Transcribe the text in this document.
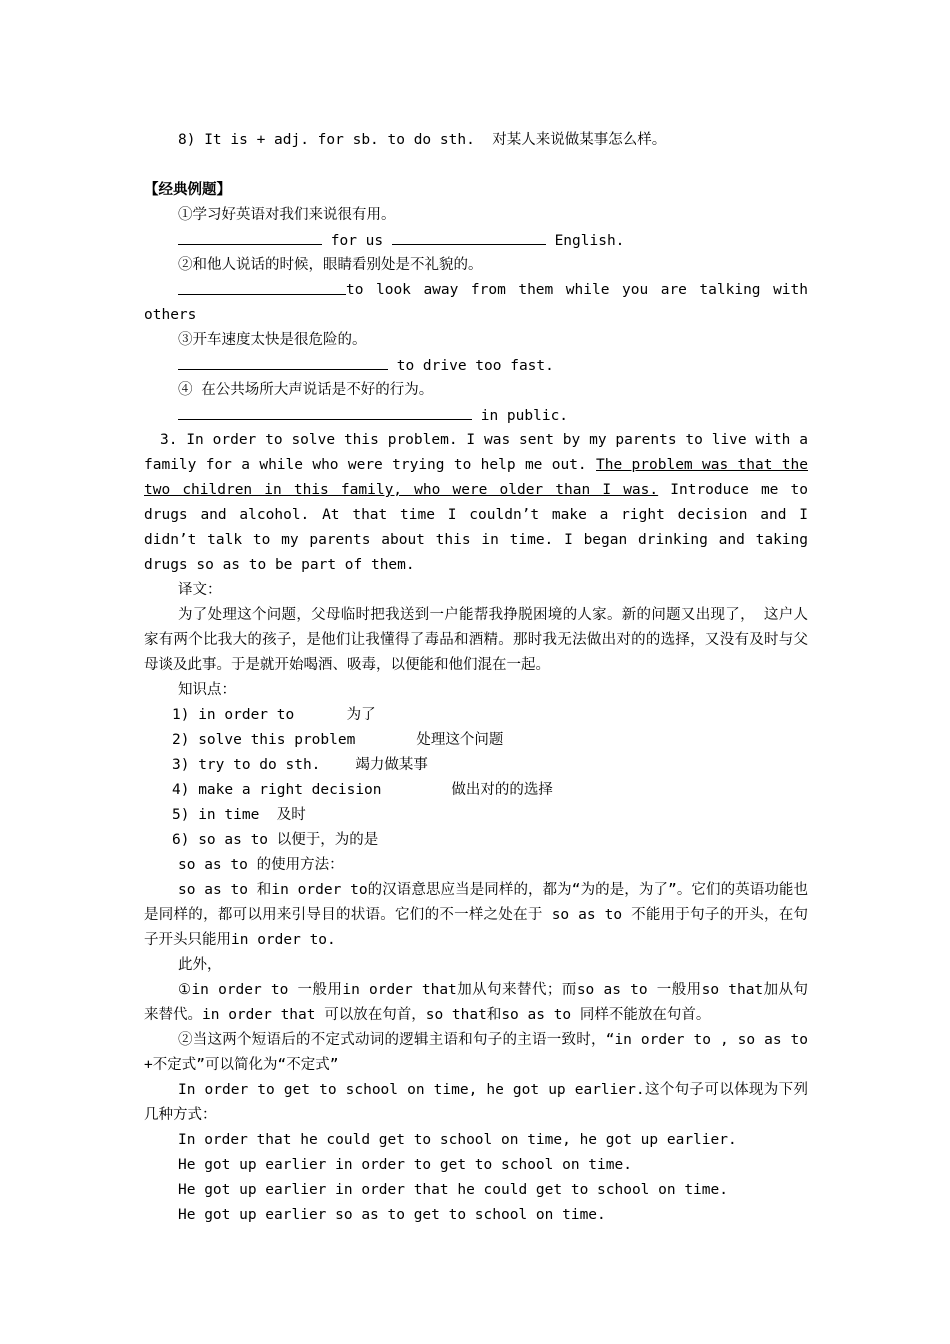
8) It is + adj. for sb. to do sth.  对某人来说做某事怎么样。
【经典例题】
①学习好英语对我们来说很有用。
for us	English.
②和他人说话的时候，眼睛看别处是不礼貌的。
to look away from them while you are talking with
others
③开车速度太快是很危险的。
to drive too fast.
④ 在公共场所大声说话是不好的行为。
in public.
3. In order to solve this problem. I was sent by my parents to live with a family for a while who were trying to help me out. The problem was that the two children in this family, who were older than I was. Introduce me to drugs and alcohol. At that time I couldn’t make a right decision and I didn’t talk to my parents about this in time. I began drinking and taking drugs so as to be part of them.
译文：
为了处理这个问题，父母临时把我送到一户能帮我挣脱困境的人家。新的问题又出现了， 这户人家有两个比我大的孩子，是他们让我懂得了毒品和酒精。那时我无法做出对的的选择，又没有及时与父母谈及此事。于是就开始喝酒、吸毒，以便能和他们混在一起。
知识点：
1) in order to      为了
2) solve this problem       处理这个问题
3) try to do sth.    竭力做某事
4) make a right decision        做出对的的选择
5) in time  及时
6) so as to 以便于，为的是
so as to 的使用方法：
so as to 和in order to的汉语意思应当是同样的，都为“为的是，为了”。它们的英语功能也是同样的，都可以用来引导目的状语。它们的不一样之处在于 so as to 不能用于句子的开头，在句子开头只能用in order to.
此外，
①in order to 一般用in order that加从句来替代；而so as to 一般用so that加从句来替代。in order that 可以放在句首，so that和so as to 同样不能放在句首。
②当这两个短语后的不定式动词的逻辑主语和句子的主语一致时，“in order to , so as to +不定式”可以简化为“不定式”
In order to get to school on time, he got up earlier.这个句子可以体现为下列几种方式：
In order that he could get to school on time, he got up earlier.
He got up earlier in order to get to school on time.
He got up earlier in order that he could get to school on time.
He got up earlier so as to get to school on time.
